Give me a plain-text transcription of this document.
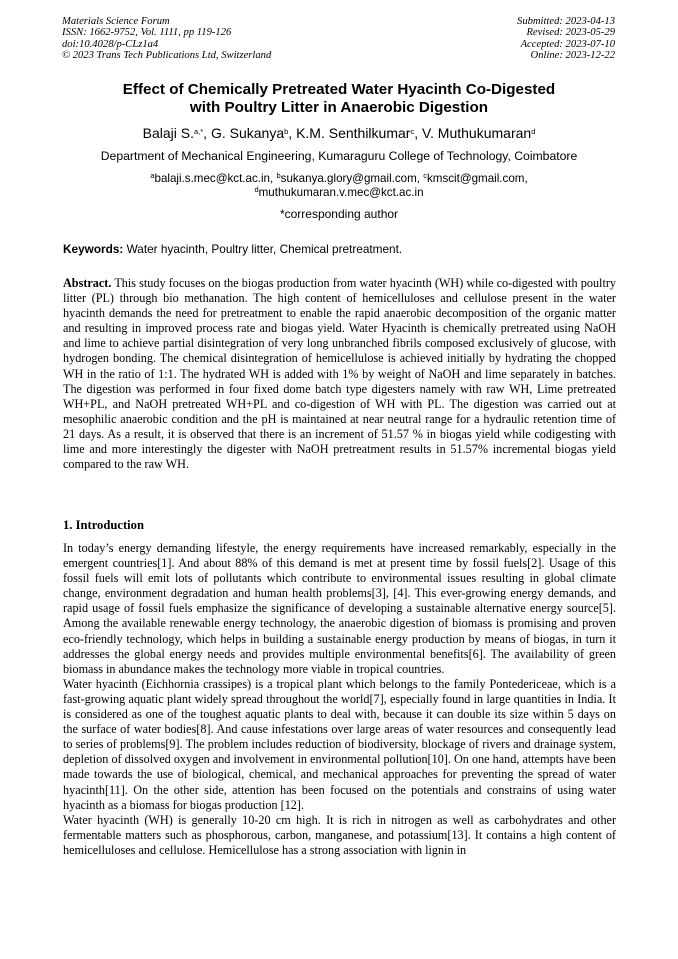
Materials Science Forum
ISSN: 1662-9752, Vol. 1111, pp 119-126
doi:10.4028/p-CLz1a4
© 2023 Trans Tech Publications Ltd, Switzerland
Submitted: 2023-04-13
Revised: 2023-05-29
Accepted: 2023-07-10
Online: 2023-12-22
Effect of Chemically Pretreated Water Hyacinth Co-Digested
with Poultry Litter in Anaerobic Digestion
Balaji S.$^{a,*}$, G. Sukanya$^b$, K.M. Senthilkumar$^c$, V. Muthukumaran$^d$
Department of Mechanical Engineering, Kumaraguru College of Technology, Coimbatore
$^a$balaji.s.mec@kct.ac.in, $^b$sukanya.glory@gmail.com, $^c$kmscit@gmail.com,
$^d$muthukumaran.v.mec@kct.ac.in
*corresponding author
Keywords: Water hyacinth, Poultry litter, Chemical pretreatment.
Abstract. This study focuses on the biogas production from water hyacinth (WH) while co-digested with poultry litter (PL) through bio methanation. The high content of hemicelluloses and cellulose present in the water hyacinth demands the need for pretreatment to enable the rapid anaerobic decomposition of the organic matter and resulting in improved process rate and biogas yield. Water Hyacinth is chemically pretreated using NaOH and lime to achieve partial disintegration of very long unbranched fibrils composed exclusively of glucose, with hydrogen bonding. The chemical disintegration of hemicellulose is achieved initially by hydrating the chopped WH in the ratio of 1:1. The hydrated WH is added with 1% by weight of NaOH and lime separately in batches. The digestion was performed in four fixed dome batch type digesters namely with raw WH, Lime pretreated WH+PL, and NaOH pretreated WH+PL and co-digestion of WH with PL. The digestion was carried out at mesophilic anaerobic condition and the pH is maintained at near neutral range for a hydraulic retention time of 21 days. As a result, it is observed that there is an increment of 51.57 % in biogas yield while codigesting with lime and more interestingly the digester with NaOH pretreatment results in 51.57% incremental biogas yield compared to the raw WH.
1. Introduction

In today’s energy demanding lifestyle, the energy requirements have increased remarkably, especially in the emergent countries[1]. And about 88% of this demand is met at present time by fossil fuels[2]. Usage of this fossil fuels will emit lots of pollutants which contribute to environmental issues resulting in global climate change, environment degradation and human health problems[3], [4]. This ever-growing energy demands, and rapid usage of fossil fuels emphasize the significance of developing a sustainable alternative energy source[5]. Among the available renewable energy technology, the anaerobic digestion of biomass is promising and proven eco-friendly technology, which helps in building a sustainable energy production by means of biogas, in turn it addresses the global energy needs and provides multiple environmental benefits[6]. The availability of green biomass in abundance makes the technology more viable in tropical countries.

Water hyacinth (Eichhornia crassipes) is a tropical plant which belongs to the family Pontedericeae, which is a fast-growing aquatic plant widely spread throughout the world[7], especially found in large quantities in India. It is considered as one of the toughest aquatic plants to deal with, because it can double its size within 5 days on the surface of water bodies[8]. And cause infestations over large areas of water resources and consequently lead to series of problems[9]. The problem includes reduction of biodiversity, blockage of rivers and drainage system, depletion of dissolved oxygen and involvement in environmental pollution[10]. On one hand, attempts have been made towards the use of biological, chemical, and mechanical approaches for preventing the spread of water hyacinth[11]. On the other side, attention has been focused on the potentials and constrains of using water hyacinth as a biomass for biogas production [12].

Water hyacinth (WH) is generally 10-20 cm high. It is rich in nitrogen as well as carbohydrates and other fermentable matters such as phosphorous, carbon, manganese, and potassium[13]. It contains a high content of hemicelluloses and cellulose. Hemicellulose has a strong association with lignin in
